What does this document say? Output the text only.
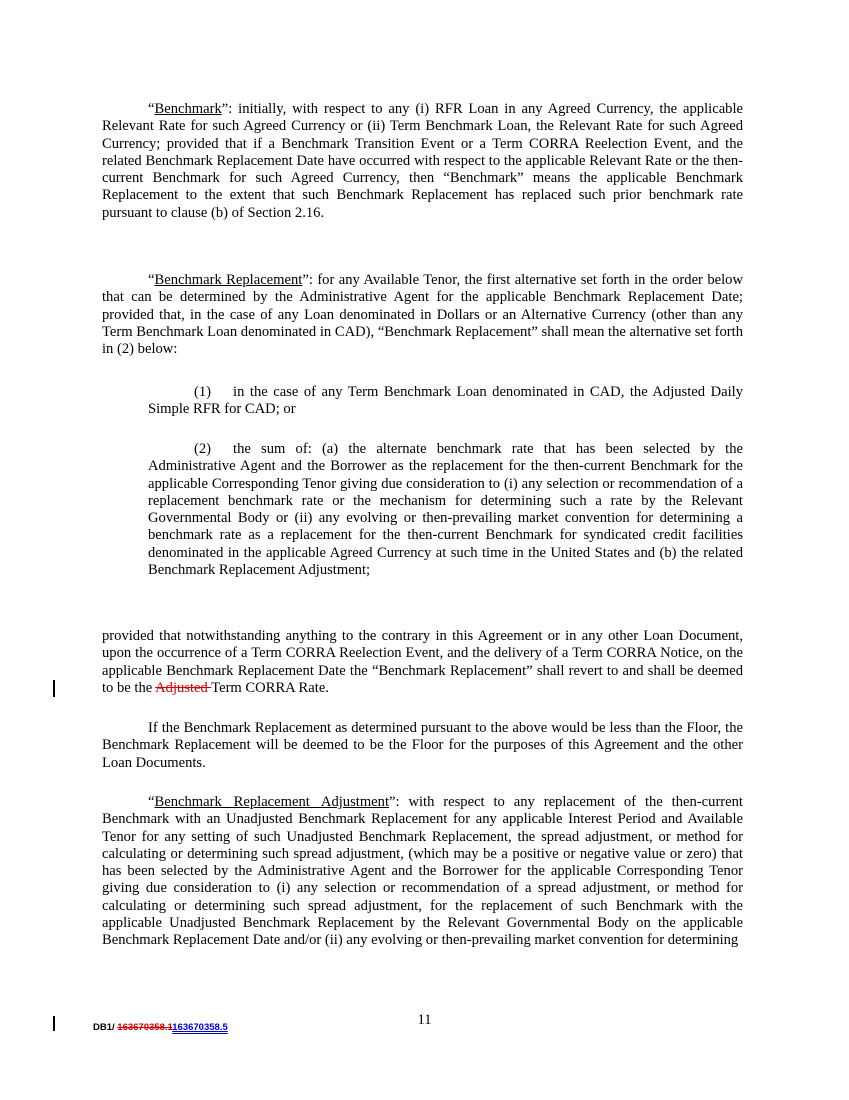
“Benchmark”: initially, with respect to any (i) RFR Loan in any Agreed Currency, the applicable Relevant Rate for such Agreed Currency or (ii) Term Benchmark Loan, the Relevant Rate for such Agreed Currency; provided that if a Benchmark Transition Event or a Term CORRA Reelection Event, and the related Benchmark Replacement Date have occurred with respect to the applicable Relevant Rate or the then-current Benchmark for such Agreed Currency, then “Benchmark” means the applicable Benchmark Replacement to the extent that such Benchmark Replacement has replaced such prior benchmark rate pursuant to clause (b) of Section 2.16.

“Benchmark Replacement”: for any Available Tenor, the first alternative set forth in the order below that can be determined by the Administrative Agent for the applicable Benchmark Replacement Date; provided that, in the case of any Loan denominated in Dollars or an Alternative Currency (other than any Term Benchmark Loan denominated in CAD), “Benchmark Replacement” shall mean the alternative set forth in (2) below:

(1) in the case of any Term Benchmark Loan denominated in CAD, the Adjusted Daily Simple RFR for CAD; or

(2) the sum of: (a) the alternate benchmark rate that has been selected by the Administrative Agent and the Borrower as the replacement for the then-current Benchmark for the applicable Corresponding Tenor giving due consideration to (i) any selection or recommendation of a replacement benchmark rate or the mechanism for determining such a rate by the Relevant Governmental Body or (ii) any evolving or then-prevailing market convention for determining a benchmark rate as a replacement for the then-current Benchmark for syndicated credit facilities denominated in the applicable Agreed Currency at such time in the United States and (b) the related Benchmark Replacement Adjustment;

provided that notwithstanding anything to the contrary in this Agreement or in any other Loan Document, upon the occurrence of a Term CORRA Reelection Event, and the delivery of a Term CORRA Notice, on the applicable Benchmark Replacement Date the “Benchmark Replacement” shall revert to and shall be deemed to be the Adjusted Term CORRA Rate.

If the Benchmark Replacement as determined pursuant to the above would be less than the Floor, the Benchmark Replacement will be deemed to be the Floor for the purposes of this Agreement and the other Loan Documents.

“Benchmark Replacement Adjustment”: with respect to any replacement of the then-current Benchmark with an Unadjusted Benchmark Replacement for any applicable Interest Period and Available Tenor for any setting of such Unadjusted Benchmark Replacement, the spread adjustment, or method for calculating or determining such spread adjustment, (which may be a positive or negative value or zero) that has been selected by the Administrative Agent and the Borrower for the applicable Corresponding Tenor giving due consideration to (i) any selection or recommendation of a spread adjustment, or method for calculating or determining such spread adjustment, for the replacement of such Benchmark with the applicable Unadjusted Benchmark Replacement by the Relevant Governmental Body on the applicable Benchmark Replacement Date and/or (ii) any evolving or then-prevailing market convention for determining

11
DB1/ 163670358.1163670358.5
